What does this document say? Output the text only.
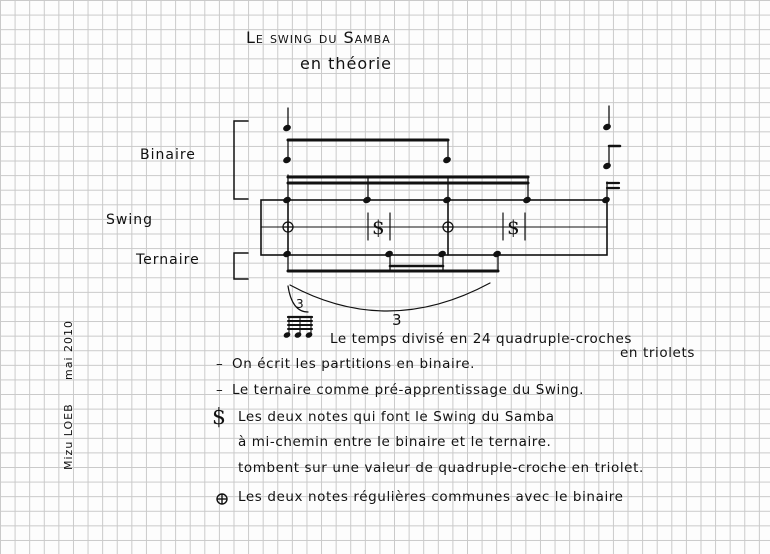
Le swing du Samba
en théorie
Binaire
Swing
Ternaire
$	$
3
3
Le temps divisé en 24 quadruple-croches
en triolets
– On écrit les partitions en binaire.
– Le ternaire comme pré-apprentissage du Swing.
$ Les deux notes qui font le Swing du Samba
à mi-chemin entre le binaire et le ternaire.
tombent sur une valeur de quadruple-croche en triolet.
Les deux notes régulières communes avec le binaire
Mizu LOEB
mai 2010
